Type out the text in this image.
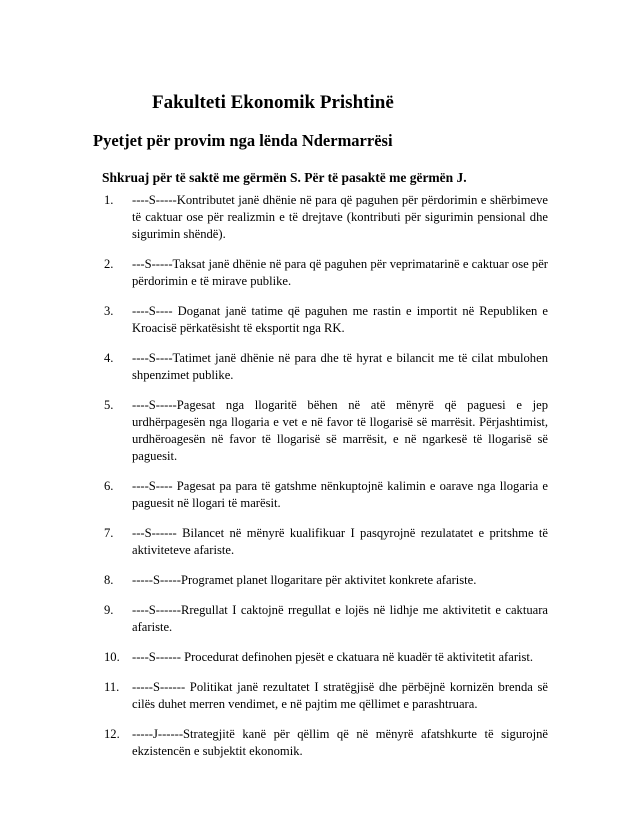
Fakulteti Ekonomik Prishtinë
Pyetjet për provim nga lënda Ndermarrësi
Shkruaj për të saktë me gërmën S. Për të pasaktë me gërmën J.
1. ----S-----Kontributet janë dhënie në para që paguhen për përdorimin e shërbimeve të caktuar ose për realizmin e të drejtave (kontributi për sigurimin pensional dhe sigurimin shëndë).
2. ---S-----Taksat janë dhënie në para që paguhen për veprimatarinë e caktuar ose për përdorimin e të mirave publike.
3. ----S---- Doganat janë tatime që paguhen me rastin e importit në Republiken e Kroacisë përkatësisht të eksportit nga RK.
4. ----S----Tatimet janë dhënie në para dhe të hyrat e bilancit me të cilat mbulohen shpenzimet publike.
5. ----S-----Pagesat nga llogaritë bëhen në atë mënyrë që paguesi e jep urdhërpagesën nga llogaria e vet e në favor të llogarisë së marrësit. Përjashtimist, urdhëroagesën në favor të llogarisë së marrësit, e në ngarkesë të llogarisë së paguesit.
6. ----S---- Pagesat pa para të gatshme nënkuptojnë kalimin e oarave nga llogaria e paguesit në llogari të marësit.
7. ---S------ Bilancet në mënyrë kualifikuar I pasqyrojnë rezulatatet e pritshme të aktiviteteve afariste.
8. -----S-----Programet planet llogaritare për aktivitet konkrete afariste.
9. ----S------Rregullat I caktojnë rregullat e lojës në lidhje me aktivitetit e caktuara afariste.
10. ----S------ Procedurat definohen pjesët e ckatuara në kuadër të aktivitetit afarist.
11. -----S------ Politikat janë rezultatet I stratëgjisë dhe përbëjnë kornizën brenda së cilës duhet merren vendimet, e në pajtim me qëllimet e parashtruara.
12. -----J------Strategjitë kanë për qëllim që në mënyrë afatshkurte të sigurojnë ekzistencën e subjektit ekonomik.
